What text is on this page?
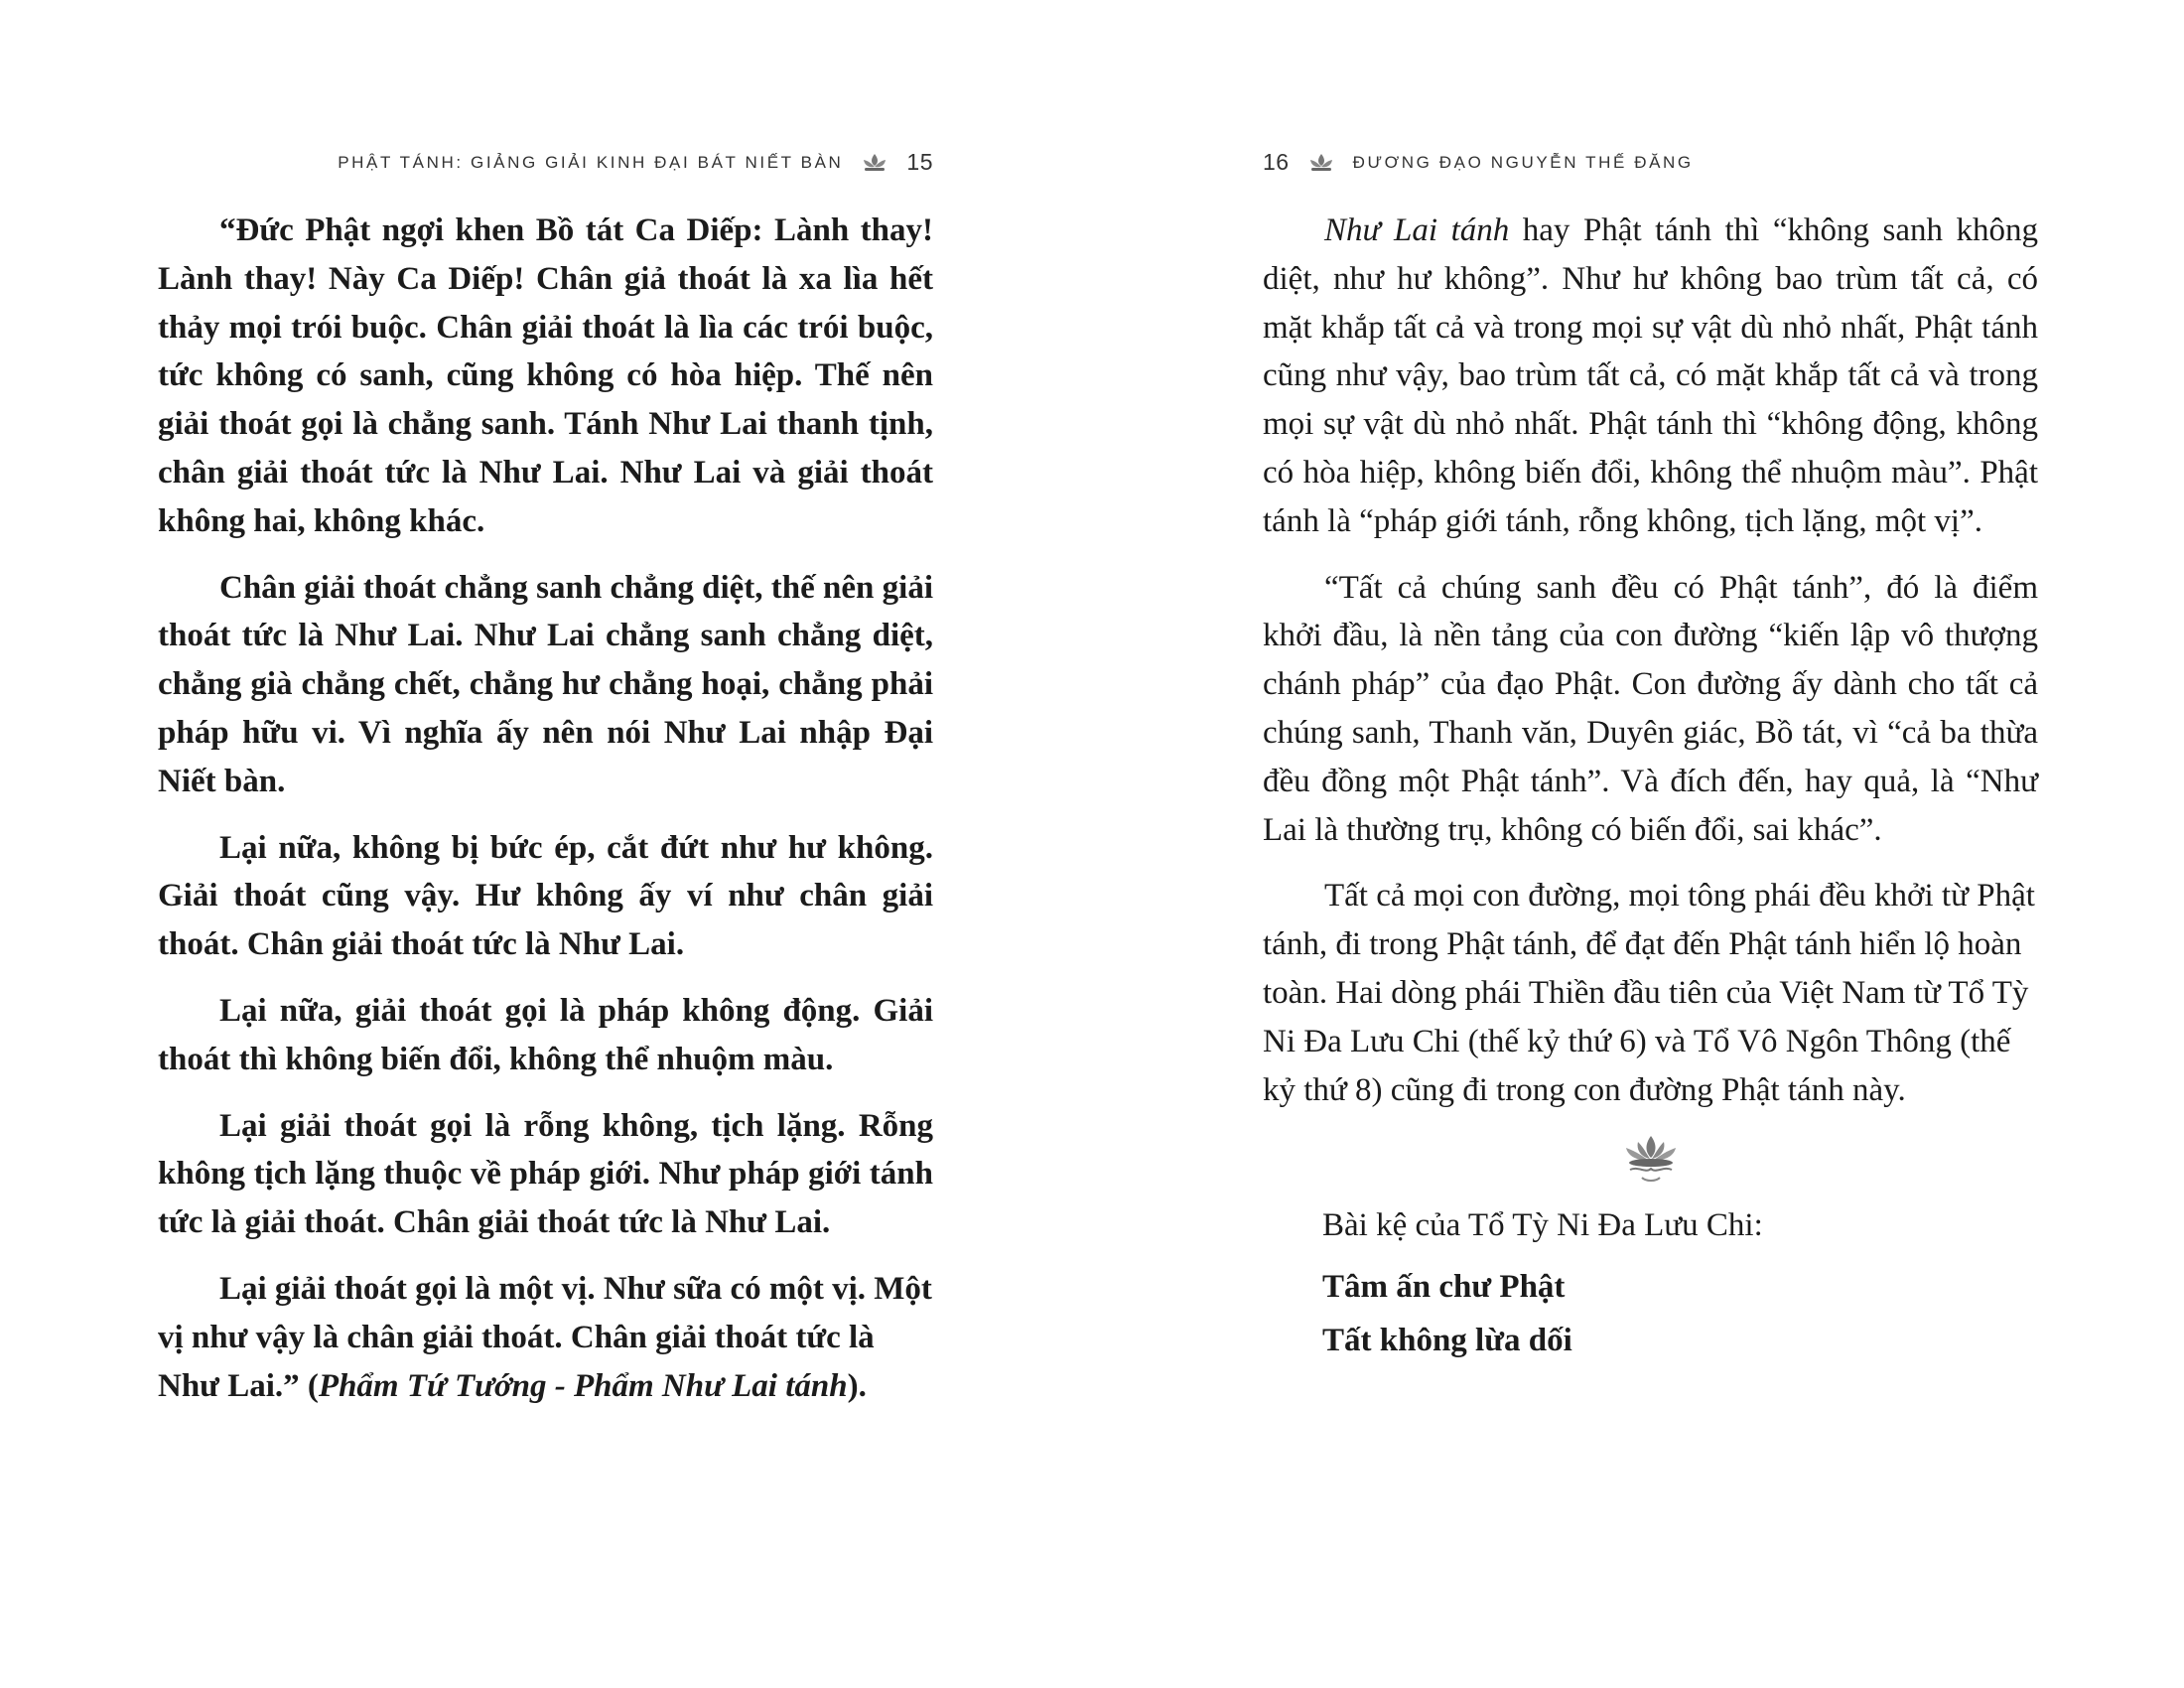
PHẬT TÁNH: GIẢNG GIẢI KINH ĐẠI BÁT NIẾT BÀN	15

“Đức Phật ngợi khen Bồ tát Ca Diếp: Lành thay! Lành thay! Này Ca Diếp! Chân giả thoát là xa lìa hết thảy mọi trói buộc. Chân giải thoát là lìa các trói buộc, tức không có sanh, cũng không có hòa hiệp. Thế nên giải thoát gọi là chẳng sanh. Tánh Như Lai thanh tịnh, chân giải thoát tức là Như Lai. Như Lai và giải thoát không hai, không khác.

Chân giải thoát chẳng sanh chẳng diệt, thế nên giải thoát tức là Như Lai. Như Lai chẳng sanh chẳng diệt, chẳng già chẳng chết, chẳng hư chẳng hoại, chẳng phải pháp hữu vi. Vì nghĩa ấy nên nói Như Lai nhập Đại Niết bàn.

Lại nữa, không bị bức ép, cắt đứt như hư không. Giải thoát cũng vậy. Hư không ấy ví như chân giải thoát. Chân giải thoát tức là Như Lai.

Lại nữa, giải thoát gọi là pháp không động. Giải thoát thì không biến đổi, không thể nhuộm màu.

Lại giải thoát gọi là rỗng không, tịch lặng. Rỗng không tịch lặng thuộc về pháp giới. Như pháp giới tánh tức là giải thoát. Chân giải thoát tức là Như Lai.

Lại giải thoát gọi là một vị. Như sữa có một vị. Một vị như vậy là chân giải thoát. Chân giải thoát tức là Như Lai.” (Phẩm Tứ Tướng - Phẩm Như Lai tánh).

16	ĐƯƠNG ĐẠO NGUYỄN THẾ ĐĂNG

Như Lai tánh hay Phật tánh thì “không sanh không diệt, như hư không”. Như hư không bao trùm tất cả, có mặt khắp tất cả và trong mọi sự vật dù nhỏ nhất, Phật tánh cũng như vậy, bao trùm tất cả, có mặt khắp tất cả và trong mọi sự vật dù nhỏ nhất. Phật tánh thì “không động, không có hòa hiệp, không biến đổi, không thể nhuộm màu”. Phật tánh là “pháp giới tánh, rỗng không, tịch lặng, một vị”.

“Tất cả chúng sanh đều có Phật tánh”, đó là điểm khởi đầu, là nền tảng của con đường “kiến lập vô thượng chánh pháp” của đạo Phật. Con đường ấy dành cho tất cả chúng sanh, Thanh văn, Duyên giác, Bồ tát, vì “cả ba thừa đều đồng một Phật tánh”. Và đích đến, hay quả, là “Như Lai là thường trụ, không có biến đổi, sai khác”.

Tất cả mọi con đường, mọi tông phái đều khởi từ Phật tánh, đi trong Phật tánh, để đạt đến Phật tánh hiển lộ hoàn toàn. Hai dòng phái Thiền đầu tiên của Việt Nam từ Tổ Tỳ Ni Đa Lưu Chi (thế kỷ thứ 6) và Tổ Vô Ngôn Thông (thế kỷ thứ 8) cũng đi trong con đường Phật tánh này.

Bài kệ của Tổ Tỳ Ni Đa Lưu Chi:

Tâm ấn chư Phật

Tất không lừa dối
